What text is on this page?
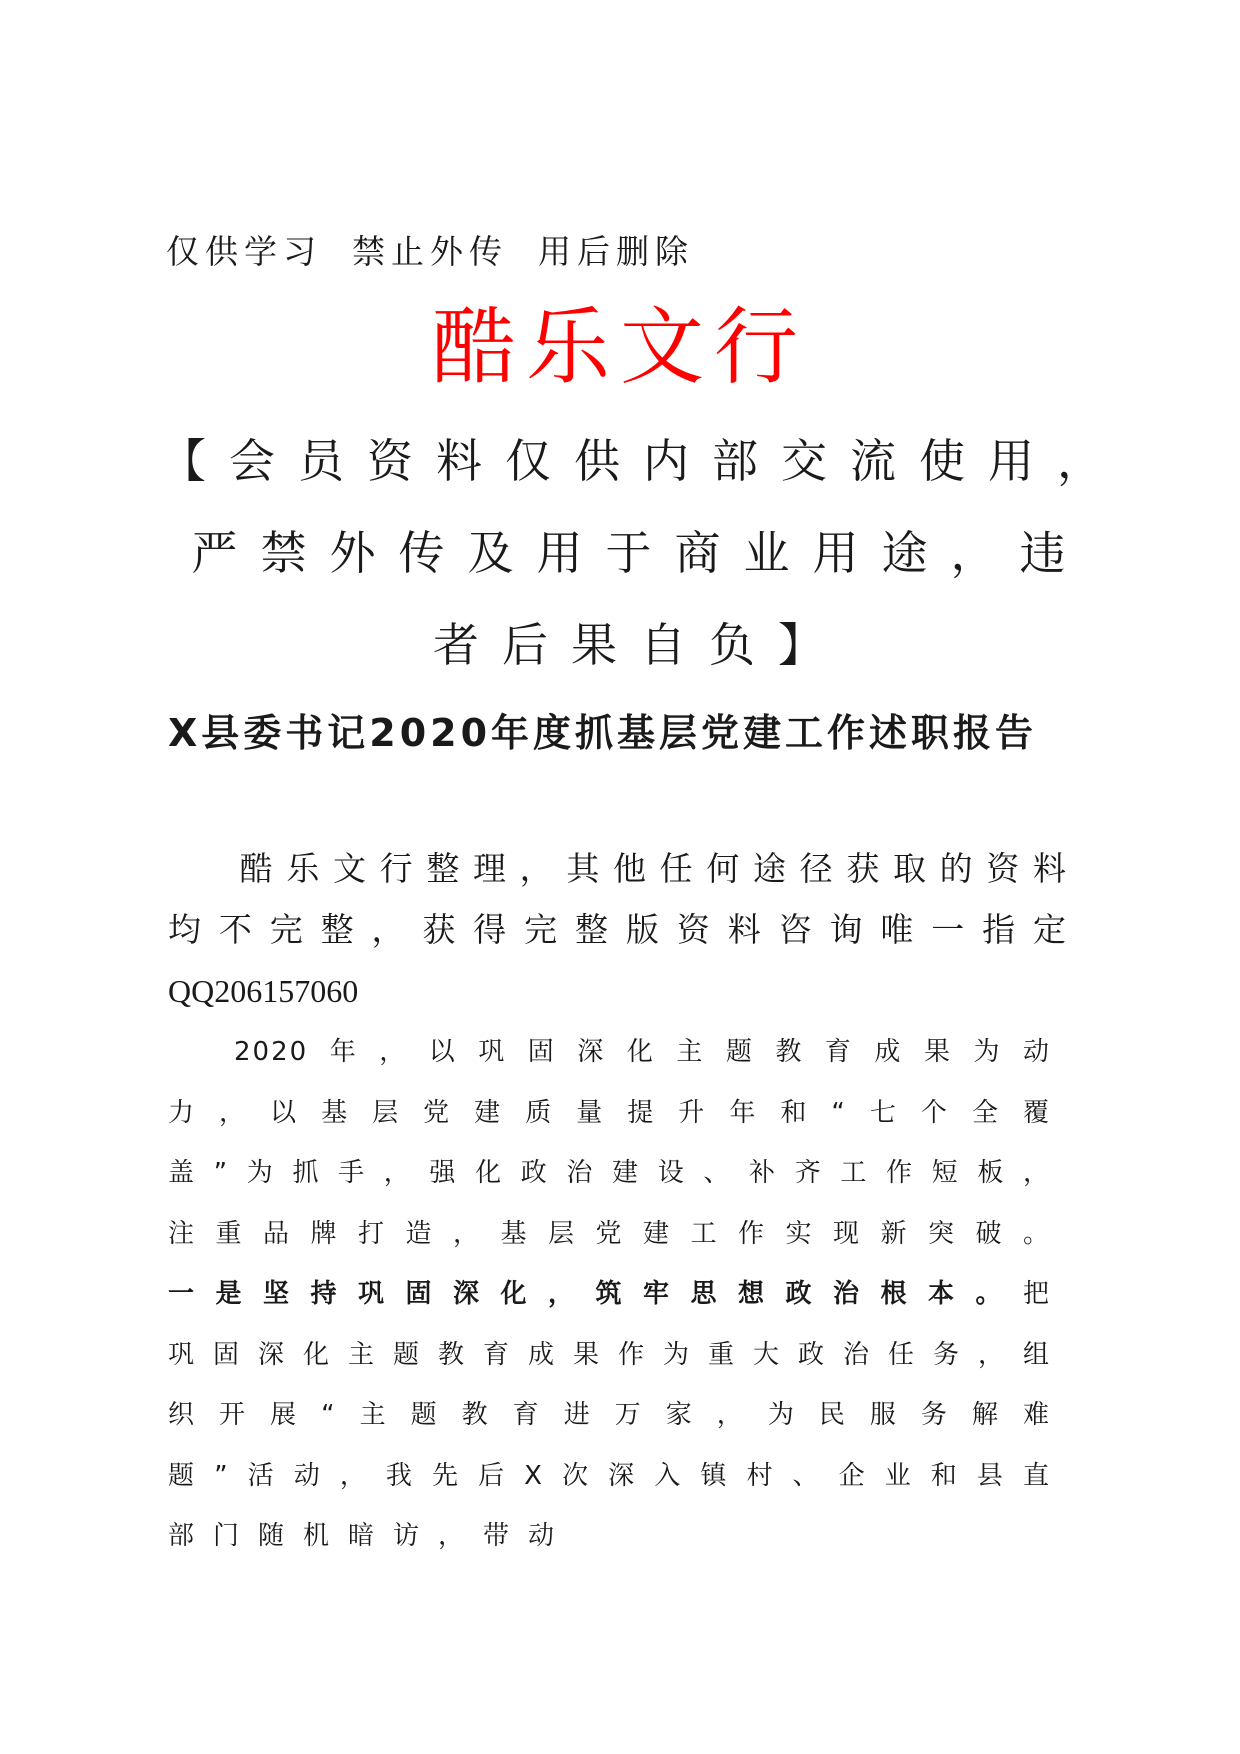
仅供学习 禁止外传 用后删除
酷乐文行
【会员资料仅供内部交流使用，
严禁外传及用于商业用途，违
者后果自负】
X县委书记2020年度抓基层党建工作述职报告
酷乐文行整理，其他任何途径获取的资料均不完整，获得完整版资料咨询唯一指定QQ206157060
2020 年，以巩固深化主题教育成果为动力，以基层党建质量提升年和“七个全覆盖”为抓手，强化政治建设、补齐工作短板，注重品牌打造，基层党建工作实现新突破。一是坚持巩固深化，筑牢思想政治根本。把巩固深化主题教育成果作为重大政治任务，组织开展“主题教育进万家，为民服务解难题”活动，我先后X次深入镇村、企业和县直部门随机暗访，带动
